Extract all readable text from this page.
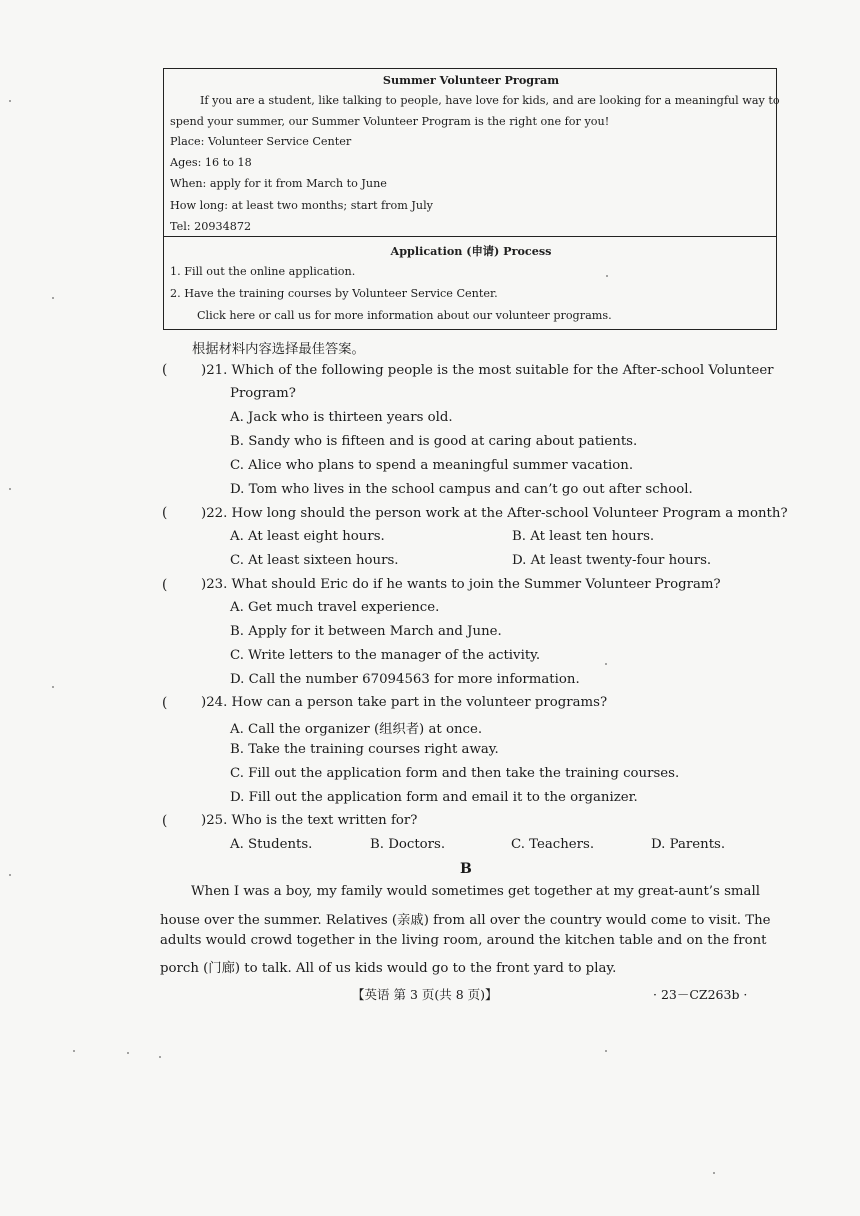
Summer Volunteer Program
If you are a student, like talking to people, have love for kids, and are looking for a meaningful way to
spend your summer, our Summer Volunteer Program is the right one for you!
Place: Volunteer Service Center
Ages: 16 to 18
When: apply for it from March to June
How long: at least two months; start from July
Tel: 20934872
Application (申请) Process
1. Fill out the online application.
2. Have the training courses by Volunteer Service Center.
Click here or call us for more information about our volunteer programs.
根据材料内容选择最佳答案。
(	)21. Which of the following people is the most suitable for the After-school Volunteer
Program?
A. Jack who is thirteen years old.
B. Sandy who is fifteen and is good at caring about patients.
C. Alice who plans to spend a meaningful summer vacation.
D. Tom who lives in the school campus and can’t go out after school.
(	)22. How long should the person work at the After-school Volunteer Program a month?
A. At least eight hours.	B. At least ten hours.
C. At least sixteen hours.	D. At least twenty-four hours.
(	)23. What should Eric do if he wants to join the Summer Volunteer Program?
A. Get much travel experience.
B. Apply for it between March and June.
C. Write letters to the manager of the activity.
D. Call the number 67094563 for more information.
(	)24. How can a person take part in the volunteer programs?
A. Call the organizer (组织者) at once.
B. Take the training courses right away.
C. Fill out the application form and then take the training courses.
D. Fill out the application form and email it to the organizer.
(	)25. Who is the text written for?
A. Students.	B. Doctors.	C. Teachers.	D. Parents.
B
When I was a boy, my family would sometimes get together at my great-aunt’s small
house over the summer. Relatives (亲戚) from all over the country would come to visit. The
adults would crowd together in the living room, around the kitchen table and on the front
porch (门廊) to talk. All of us kids would go to the front yard to play.
【英语 第 3 页(共 8 页)】	· 23－CZ263b ·
